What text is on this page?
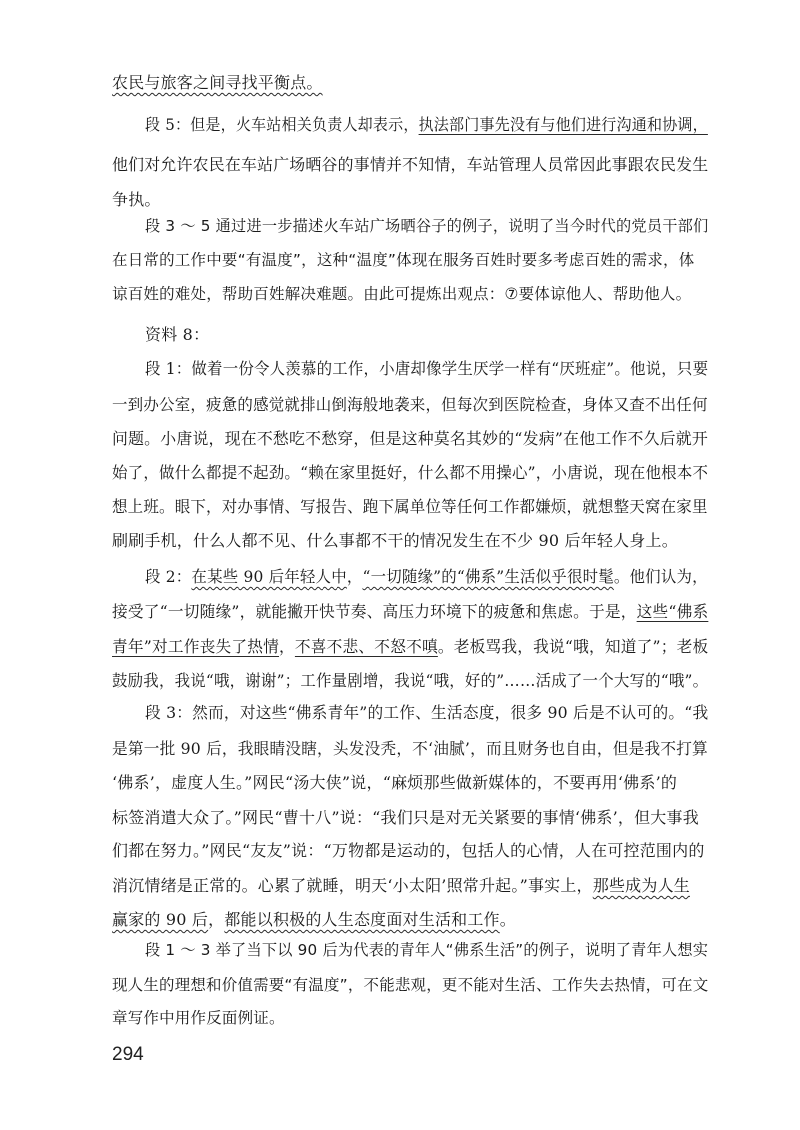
农民与旅客之间寻找平衡点。
段 5：但是，火车站相关负责人却表示，执法部门事先没有与他们进行沟通和协调，
他们对允许农民在车站广场晒谷的事情并不知情，车站管理人员常因此事跟农民发生
争执。
段 3 ～ 5 通过进一步描述火车站广场晒谷子的例子，说明了当今时代的党员干部们
在日常的工作中要“有温度”，这种“温度”体现在服务百姓时要多考虑百姓的需求，体
谅百姓的难处，帮助百姓解决难题。由此可提炼出观点：⑦要体谅他人、帮助他人。
资料 8：
段 1：做着一份令人羡慕的工作，小唐却像学生厌学一样有“厌班症”。他说，只要
一到办公室，疲惫的感觉就排山倒海般地袭来，但每次到医院检查，身体又查不出任何
问题。小唐说，现在不愁吃不愁穿，但是这种莫名其妙的“发病”在他工作不久后就开
始了，做什么都提不起劲。“赖在家里挺好，什么都不用操心”，小唐说，现在他根本不
想上班。眼下，对办事情、写报告、跑下属单位等任何工作都嫌烦，就想整天窝在家里
刷刷手机，什么人都不见、什么事都不干的情况发生在不少 90 后年轻人身上。
段 2：在某些 90 后年轻人中，“一切随缘”的“佛系”生活似乎很时髦。他们认为，
接受了“一切随缘”，就能撇开快节奏、高压力环境下的疲惫和焦虑。于是，这些“佛系
青年”对工作丧失了热情，不喜不悲、不怒不嗔。老板骂我，我说“哦，知道了”；老板
鼓励我，我说“哦，谢谢”；工作量剧增，我说“哦，好的”……活成了一个大写的“哦”。
段 3：然而，对这些“佛系青年”的工作、生活态度，很多 90 后是不认可的。“我
是第一批 90 后，我眼睛没瞎，头发没秃，不‘油腻’，而且财务也自由，但是我不打算
‘佛系’，虚度人生。”网民“汤大侠”说，“麻烦那些做新媒体的，不要再用‘佛系’的
标签消遣大众了。”网民“曹十八”说：“我们只是对无关紧要的事情‘佛系’，但大事我
们都在努力。”网民“友友”说：“万物都是运动的，包括人的心情，人在可控范围内的
消沉情绪是正常的。心累了就睡，明天‘小太阳’照常升起。”事实上，那些成为人生
赢家的 90 后，都能以积极的人生态度面对生活和工作。
段 1 ～ 3 举了当下以 90 后为代表的青年人“佛系生活”的例子，说明了青年人想实
现人生的理想和价值需要“有温度”，不能悲观，更不能对生活、工作失去热情，可在文
章写作中用作反面例证。
294
